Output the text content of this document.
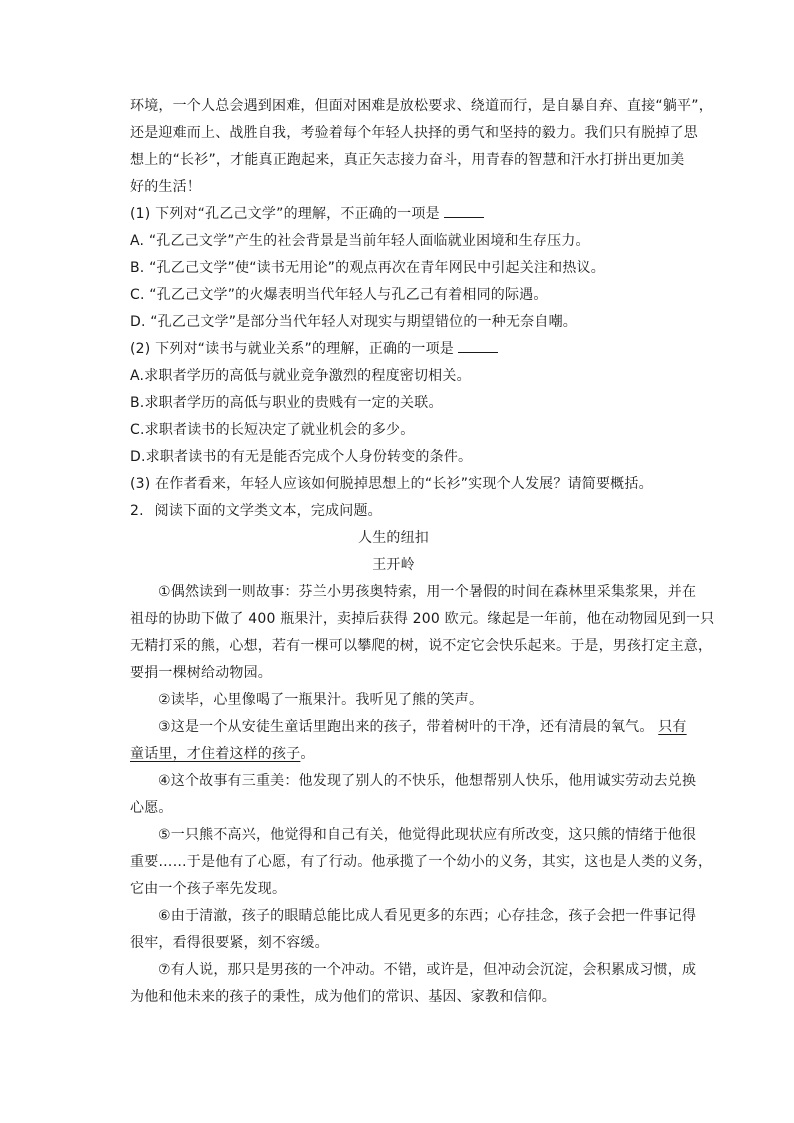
环境，一个人总会遇到困难，但面对困难是放松要求、绕道而行，是自暴自弃、直接“躺平”，
还是迎难而上、战胜自我，考验着每个年轻人抉择的勇气和坚持的毅力。我们只有脱掉了思
想上的“长衫”，才能真正跑起来，真正矢志接力奋斗，用青春的智慧和汗水打拼出更加美
好的生活！
(1) 下列对“孔乙己文学”的理解，不正确的一项是
A. “孔乙己文学”产生的社会背景是当前年轻人面临就业困境和生存压力。
B. “孔乙己文学”使“读书无用论”的观点再次在青年网民中引起关注和热议。
C. “孔乙己文学”的火爆表明当代年轻人与孔乙己有着相同的际遇。
D. “孔乙己文学”是部分当代年轻人对现实与期望错位的一种无奈自嘲。
(2) 下列对“读书与就业关系”的理解，正确的一项是
A.求职者学历的高低与就业竞争激烈的程度密切相关。
B.求职者学历的高低与职业的贵贱有一定的关联。
C.求职者读书的长短决定了就业机会的多少。
D.求职者读书的有无是能否完成个人身份转变的条件。
(3) 在作者看来，年轻人应该如何脱掉思想上的“长衫”实现个人发展？请简要概括。
2. 阅读下面的文学类文本，完成问题。
人生的纽扣
王开岭
①偶然读到一则故事：芬兰小男孩奥特索，用一个暑假的时间在森林里采集浆果，并在
祖母的协助下做了 400 瓶果汁，卖掉后获得 200 欧元。缘起是一年前，他在动物园见到一只
无精打采的熊，心想，若有一棵可以攀爬的树，说不定它会快乐起来。于是，男孩打定主意，
要捐一棵树给动物园。
②读毕，心里像喝了一瓶果汁。我听见了熊的笑声。
③这是一个从安徒生童话里跑出来的孩子，带着树叶的干净，还有清晨的氧气。 只有
童话里，才住着这样的孩子。
④这个故事有三重美：他发现了别人的不快乐，他想帮别人快乐，他用诚实劳动去兑换
心愿。
⑤一只熊不高兴，他觉得和自己有关，他觉得此现状应有所改变，这只熊的情绪于他很
重要……于是他有了心愿，有了行动。他承揽了一个幼小的义务，其实，这也是人类的义务，
它由一个孩子率先发现。
⑥由于清澈，孩子的眼睛总能比成人看见更多的东西；心存挂念，孩子会把一件事记得
很牢，看得很要紧，刻不容缓。
⑦有人说，那只是男孩的一个冲动。不错，或许是，但冲动会沉淀，会积累成习惯，成
为他和他未来的孩子的秉性，成为他们的常识、基因、家教和信仰。
